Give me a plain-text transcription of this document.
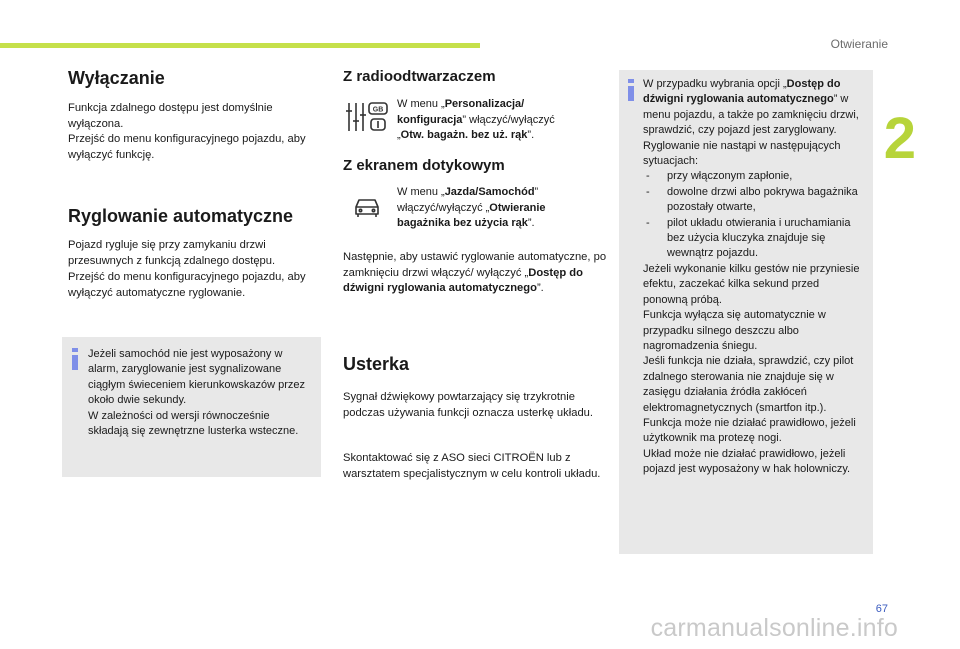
Otwieranie
2
Wyłączanie

Funkcja zdalnego dostępu jest domyślnie wyłączona.

Przejść do menu konfiguracyjnego pojazdu, aby wyłączyć funkcję.

Ryglowanie automatyczne

Pojazd rygluje się przy zamykaniu drzwi przesuwnych z funkcją zdalnego dostępu.

Przejść do menu konfiguracyjnego pojazdu, aby wyłączyć automatyczne ryglowanie.

Jeżeli samochód nie jest wyposażony w alarm, zaryglowanie jest sygnalizowane ciągłym świeceniem kierunkowskazów przez około dwie sekundy.

W zależności od wersji równocześnie składają się zewnętrzne lusterka wsteczne.

Z radioodtwarzaczem
GB W menu „Personalizacja/ konfiguracja” włączyć/wyłączyć „Otw. bagażn. bez uż. rąk”.

Z ekranem dotykowym

W menu „Jazda/Samochód” włączyć/wyłączyć „Otwieranie bagażnika bez użycia rąk”.

Następnie, aby ustawić ryglowanie automatyczne, po zamknięciu drzwi włączyć/ wyłączyć „Dostęp do dźwigni ryglowania automatycznego”.

Usterka

Sygnał dźwiękowy powtarzający się trzykrotnie podczas używania funkcji oznacza usterkę układu.

Skontaktować się z ASO sieci CITROËN lub z warsztatem specjalistycznym w celu kontroli układu.

W przypadku wybrania opcji „Dostęp do dźwigni ryglowania automatycznego” w menu pojazdu, a także po zamknięciu drzwi, sprawdzić, czy pojazd jest zaryglowany.

Ryglowanie nie nastąpi w następujących sytuacjach:

- przy włączonym zapłonie,
- dowolne drzwi albo pokrywa bagażnika pozostały otwarte,
- pilot układu otwierania i uruchamiania bez użycia kluczyka znajduje się wewnątrz pojazdu.

Jeżeli wykonanie kilku gestów nie przyniesie efektu, zaczekać kilka sekund przed ponowną próbą.

Funkcja wyłącza się automatycznie w przypadku silnego deszczu albo nagromadzenia śniegu.

Jeśli funkcja nie działa, sprawdzić, czy pilot zdalnego sterowania nie znajduje się w zasięgu działania źródła zakłóceń elektromagnetycznych (smartfon itp.).

Funkcja może nie działać prawidłowo, jeżeli użytkownik ma protezę nogi.

Układ może nie działać prawidłowo, jeżeli pojazd jest wyposażony w hak holowniczy.

67
carmanualsonline.info
